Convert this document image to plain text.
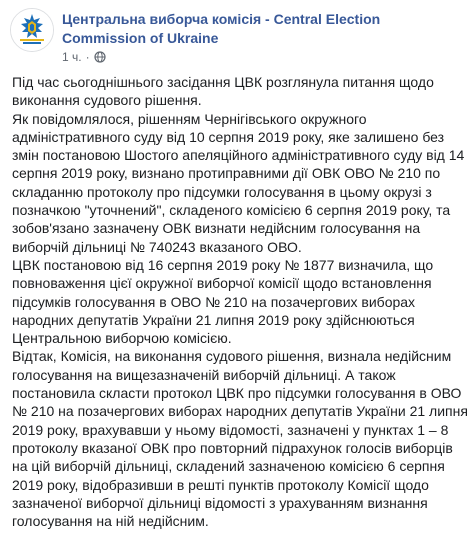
Центральна виборча комісія - Central Election Commission of Ukraine
1 ч. ·

Під час сьогоднішнього засідання ЦВК розглянула питання щодо виконання судового рішення.

Як повідомлялося, рішенням Чернігівського окружного адміністративного суду від 10 серпня 2019 року, яке залишено без змін постановою Шостого апеляційного адміністративного суду від 14 серпня 2019 року, визнано протиправними дії ОВК ОВО № 210 по складанню протоколу про підсумки голосування в цьому окрузі з позначкою "уточнений", складеного комісією 6 серпня 2019 року, та зобов'язано зазначену ОВК визнати недійсним голосування на виборчій дільниці № 740243 вказаного ОВО.

ЦВК постановою від 16 серпня 2019 року № 1877 визначила, що повноваження цієї окружної виборчої комісії щодо встановлення підсумків голосування в ОВО № 210 на позачергових виборах народних депутатів України 21 липня 2019 року здійснюються Центральною виборчою комісією.

Відтак, Комісія, на виконання судового рішення, визнала недійсним голосування на вищезазначеній виборчій дільниці. А також постановила скласти протокол ЦВК про підсумки голосування в ОВО № 210 на позачергових виборах народних депутатів України 21 липня 2019 року, врахувавши у ньому відомості, зазначені у пунктах 1 – 8 протоколу вказаної ОВК про повторний підрахунок голосів виборців на цій виборчій дільниці, складений зазначеною комісією 6 серпня 2019 року, відобразивши в решті пунктів протоколу Комісії щодо зазначеної виборчої дільниці відомості з урахуванням визнання голосування на ній недійсним.
